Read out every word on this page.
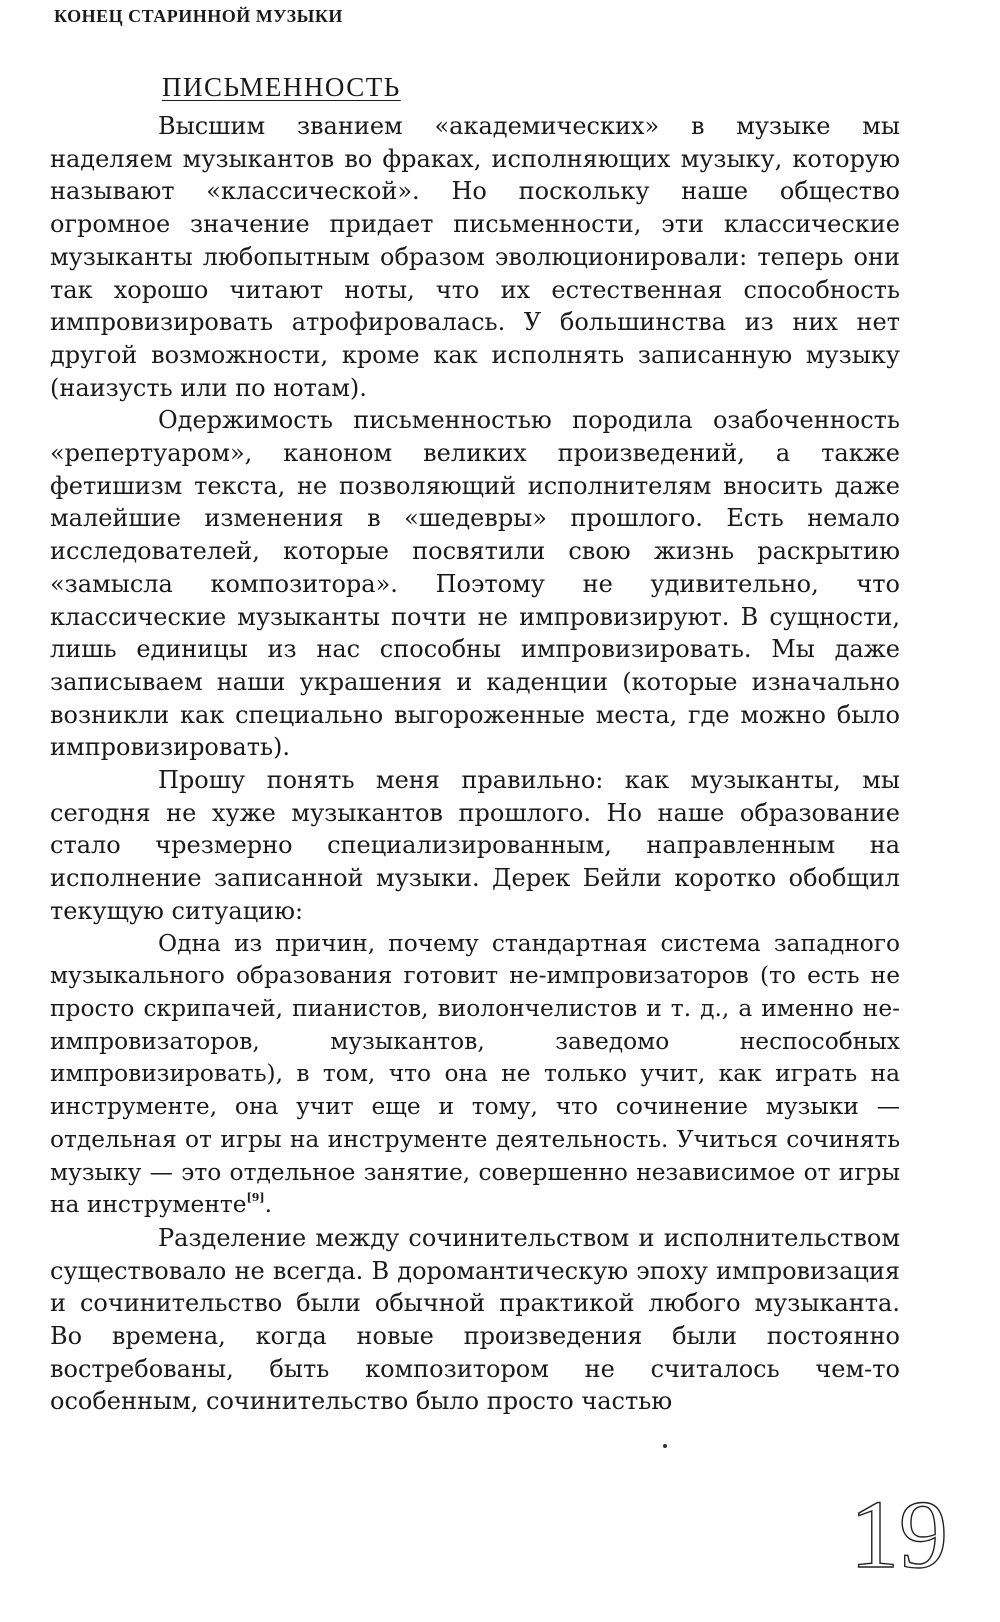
КОНЕЦ СТАРИННОЙ МУЗЫКИ
ПИСЬМЕННОСТЬ

Высшим званием «академических» в музыке мы наделяем музыкантов во фраках, исполняющих музыку, которую называют «классической». Но поскольку наше общество огромное значение придает письменности, эти классические музыканты любопытным образом эволюционировали: теперь они так хорошо читают ноты, что их естественная способность импровизировать атрофировалась. У большинства из них нет другой возможности, кроме как исполнять записанную музыку (наизусть или по нотам).

Одержимость письменностью породила озабоченность «репертуаром», каноном великих произведений, а также фетишизм текста, не позволяющий исполнителям вносить даже малейшие изменения в «шедевры» прошлого. Есть немало исследователей, которые посвятили свою жизнь раскрытию «замысла композитора». Поэтому не удивительно, что классические музыканты почти не импровизируют. В сущности, лишь единицы из нас способны импровизировать. Мы даже записываем наши украшения и каденции (которые изначально возникли как специально выгороженные места, где можно было импровизировать).

Прошу понять меня правильно: как музыканты, мы сегодня не хуже музыкантов прошлого. Но наше образование стало чрезмерно специализированным, направленным на исполнение записанной музыки. Дерек Бейли коротко обобщил текущую ситуацию:

Одна из причин, почему стандартная система западного музыкального образования готовит не-импровизаторов (то есть не просто скрипачей, пианистов, виолончелистов и т. д., а именно не-импровизаторов, музыкантов, заведомо неспособных импровизировать), в том, что она не только учит, как играть на инструменте, она учит еще и тому, что сочинение музыки — отдельная от игры на инструменте деятельность. Учиться сочинять музыку — это отдельное занятие, совершенно независимое от игры на инструменте[9].

Разделение между сочинительством и исполнительством существовало не всегда. В доромантическую эпоху импровизация и сочинительство были обычной практикой любого музыканта. Во времена, когда новые произведения были постоянно востребованы, быть композитором не считалось чем-то особенным, сочинительство было просто частью

19
